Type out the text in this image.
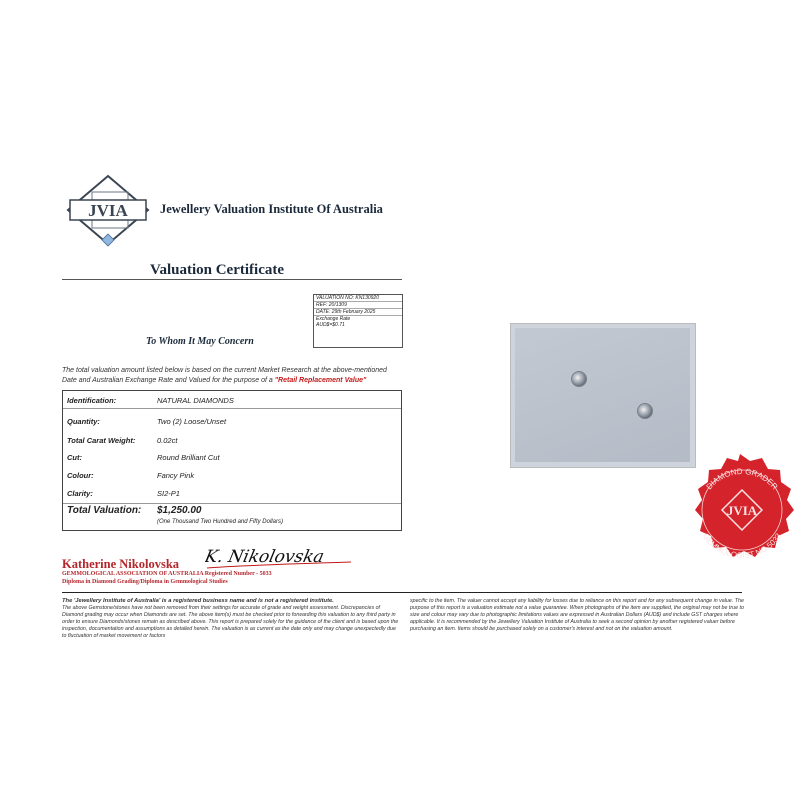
JVIA	Jewellery Valuation Institute Of Australia
Valuation Certificate
VALUATION NO: KN130920
REF: 20/1309
DATE: 29th February 2025
Exchange Rate
AUD$=$0.71
To Whom It May Concern
The total valuation amount listed below is based on the current Market Research at the above-mentioned Date and Australian Exchange Rate and Valued for the purpose of a "Retail Replacement Value"
Identification:	NATURAL DIAMONDS
Quantity:	Two (2) Loose/Unset
Total Carat Weight:	0.02ct
Cut:	Round Brilliant Cut
Colour:	Fancy Pink
Clarity:	SI2-P1
Total Valuation: $1,250.00
(One Thousand Two Hundred and Fifty Dollars)
DIAMOND GRADER
GEMMOLOGIST NO 5033
JVIA
Katherine Nikolovska K. Nikolovska
GEMMOLOGICAL ASSOCIATION OF AUSTRALIA Registered Number - 5033
Diploma in Diamond Grading/Diploma in Gemmological Studies
The 'Jewellery Institute of Australia' is a registered business name and is not a registered institute.
The above Gemstone/stones have not been removed from their settings for accurate of grade and weight assessment. Discrepancies of Diamond grading may occur when Diamonds are set. The above item(s) must be checked prior to forwarding this valuation to any third party in order to ensure Diamonds/stones remain as described above. This report is prepared solely for the guidance of the client and is based upon the inspection, documentation and assumptions as detailed herein. The valuation is as current as the date only and may change unexpectedly due to fluctuation of market movement or factors
specific to the item. The valuer cannot accept any liability for losses due to reliance on this report and for any subsequent change in value. The purpose of this report is a valuation estimate not a value guarantee. When photographs of the item are supplied, the original may not be true to size and colour may vary due to photographic limitations values are expressed in Australian Dollars (AUD$) and include GST charges where applicable. It is recommended by the Jewellery Valuation Institute of Australia to seek a second opinion by another registered valuer before purchasing an item. Items should be purchased solely on a customer's interest and not on the valuation amount.
